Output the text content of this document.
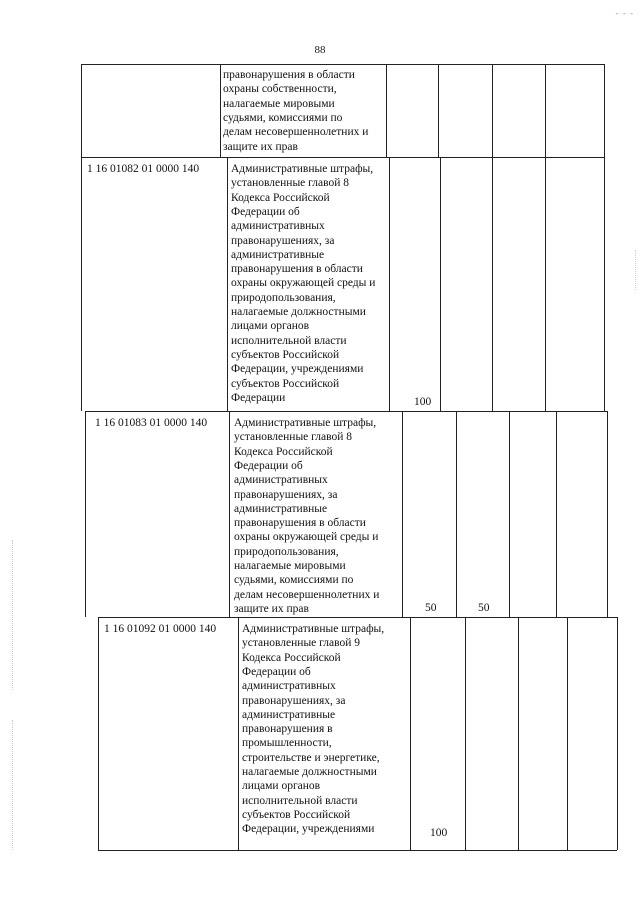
88
- - -
правонарушения в области
охраны собственности,
налагаемые мировыми
судьями, комиссиями по
делам несовершеннолетних и
защите их прав
1 16 01082 01 0000 140	Административные штрафы,
установленные главой 8
Кодекса Российской
Федерации об
административных
правонарушениях, за
административные
правонарушения в области
охраны окружающей среды и
природопользования,
налагаемые должностными
лицами органов
исполнительной власти
субъектов Российской
Федерации, учреждениями
субъектов Российской
Федерации	100
1 16 01083 01 0000 140 Административные штрафы,
установленные главой 8
Кодекса Российской
Федерации об
административных
правонарушениях, за
административные
правонарушения в области
охраны окружающей среды и
природопользования,
налагаемые мировыми
судьями, комиссиями по
делам несовершеннолетних и
защите их прав	50	50
1 16 01092 01 0000 140 Административные штрафы,
установленные главой 9
Кодекса Российской
Федерации об
административных
правонарушениях, за
административные
правонарушения в
промышленности,
строительстве и энергетике,
налагаемые должностными
лицами органов
исполнительной власти
субъектов Российской
Федерации, учреждениями	100
